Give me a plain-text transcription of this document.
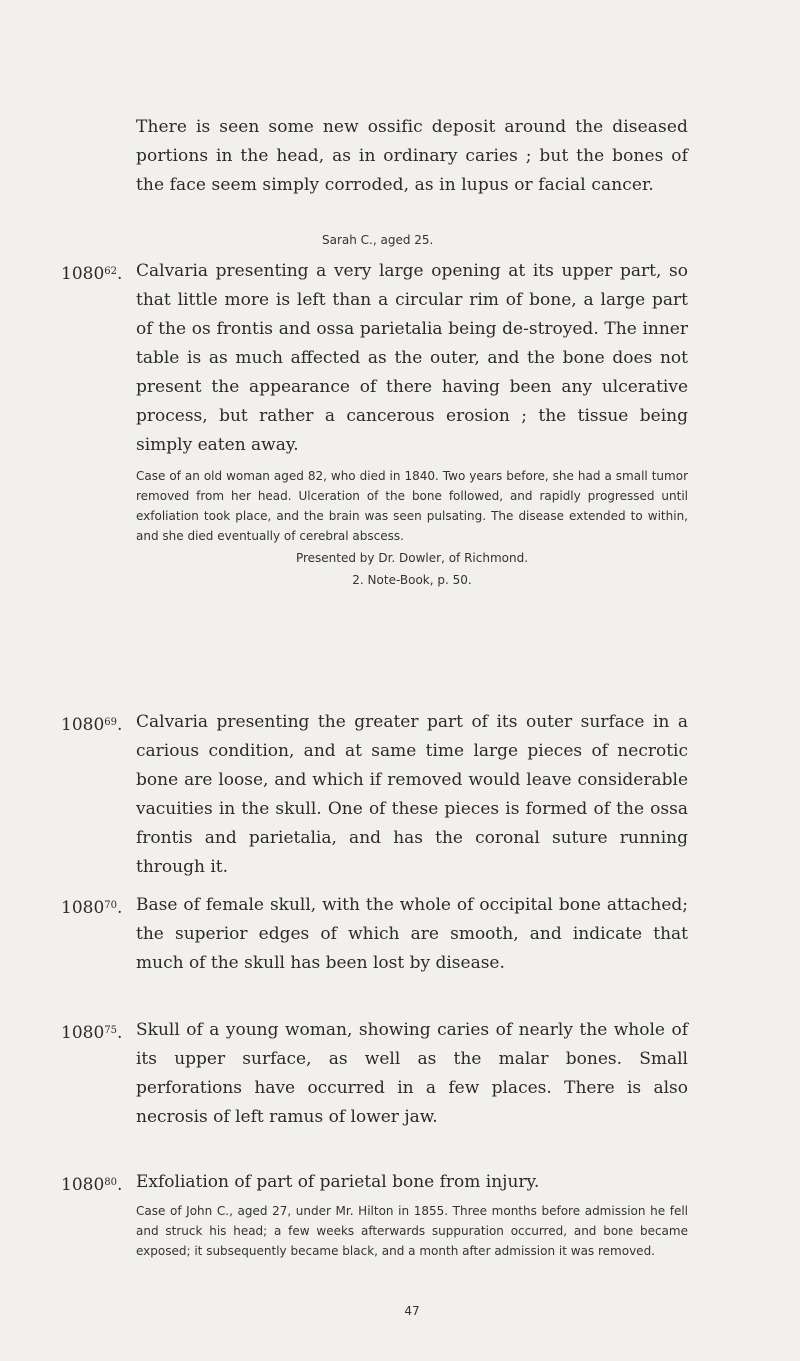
There is seen some new ossific deposit around the diseased portions in the head, as in ordinary caries ; but the bones of the face seem simply corroded, as in lupus or facial cancer.
Sarah C., aged 25.
1080$^{62}$. Calvaria presenting a very large opening at its upper part, so that little more is left than a circular rim of bone, a large part of the os frontis and ossa parietalia being de-stroyed. The inner table is as much affected as the outer, and the bone does not present the appearance of there having been any ulcerative process, but rather a cancerous erosion ; the tissue being simply eaten away.
Case of an old woman aged 82, who died in 1840. Two years before, she had a small tumor removed from her head. Ulceration of the bone followed, and rapidly progressed until exfoliation took place, and the brain was seen pulsating. The disease extended to within, and she died eventually of cerebral abscess.
Presented by Dr. Dowler, of Richmond.
2. Note-Book, p. 50.
1080$^{69}$. Calvaria presenting the greater part of its outer surface in a carious condition, and at same time large pieces of necrotic bone are loose, and which if removed would leave considerable vacuities in the skull. One of these pieces is formed of the ossa frontis and parietalia, and has the coronal suture running through it.
1080$^{70}$. Base of female skull, with the whole of occipital bone attached; the superior edges of which are smooth, and indicate that much of the skull has been lost by disease.
1080$^{75}$. Skull of a young woman, showing caries of nearly the whole of its upper surface, as well as the malar bones. Small perforations have occurred in a few places. There is also necrosis of left ramus of lower jaw.
1080$^{80}$. Exfoliation of part of parietal bone from injury.
Case of John C., aged 27, under Mr. Hilton in 1855. Three months before admission he fell and struck his head; a few weeks afterwards suppuration occurred, and bone became exposed; it subsequently became black, and a month after admission it was removed.
47
